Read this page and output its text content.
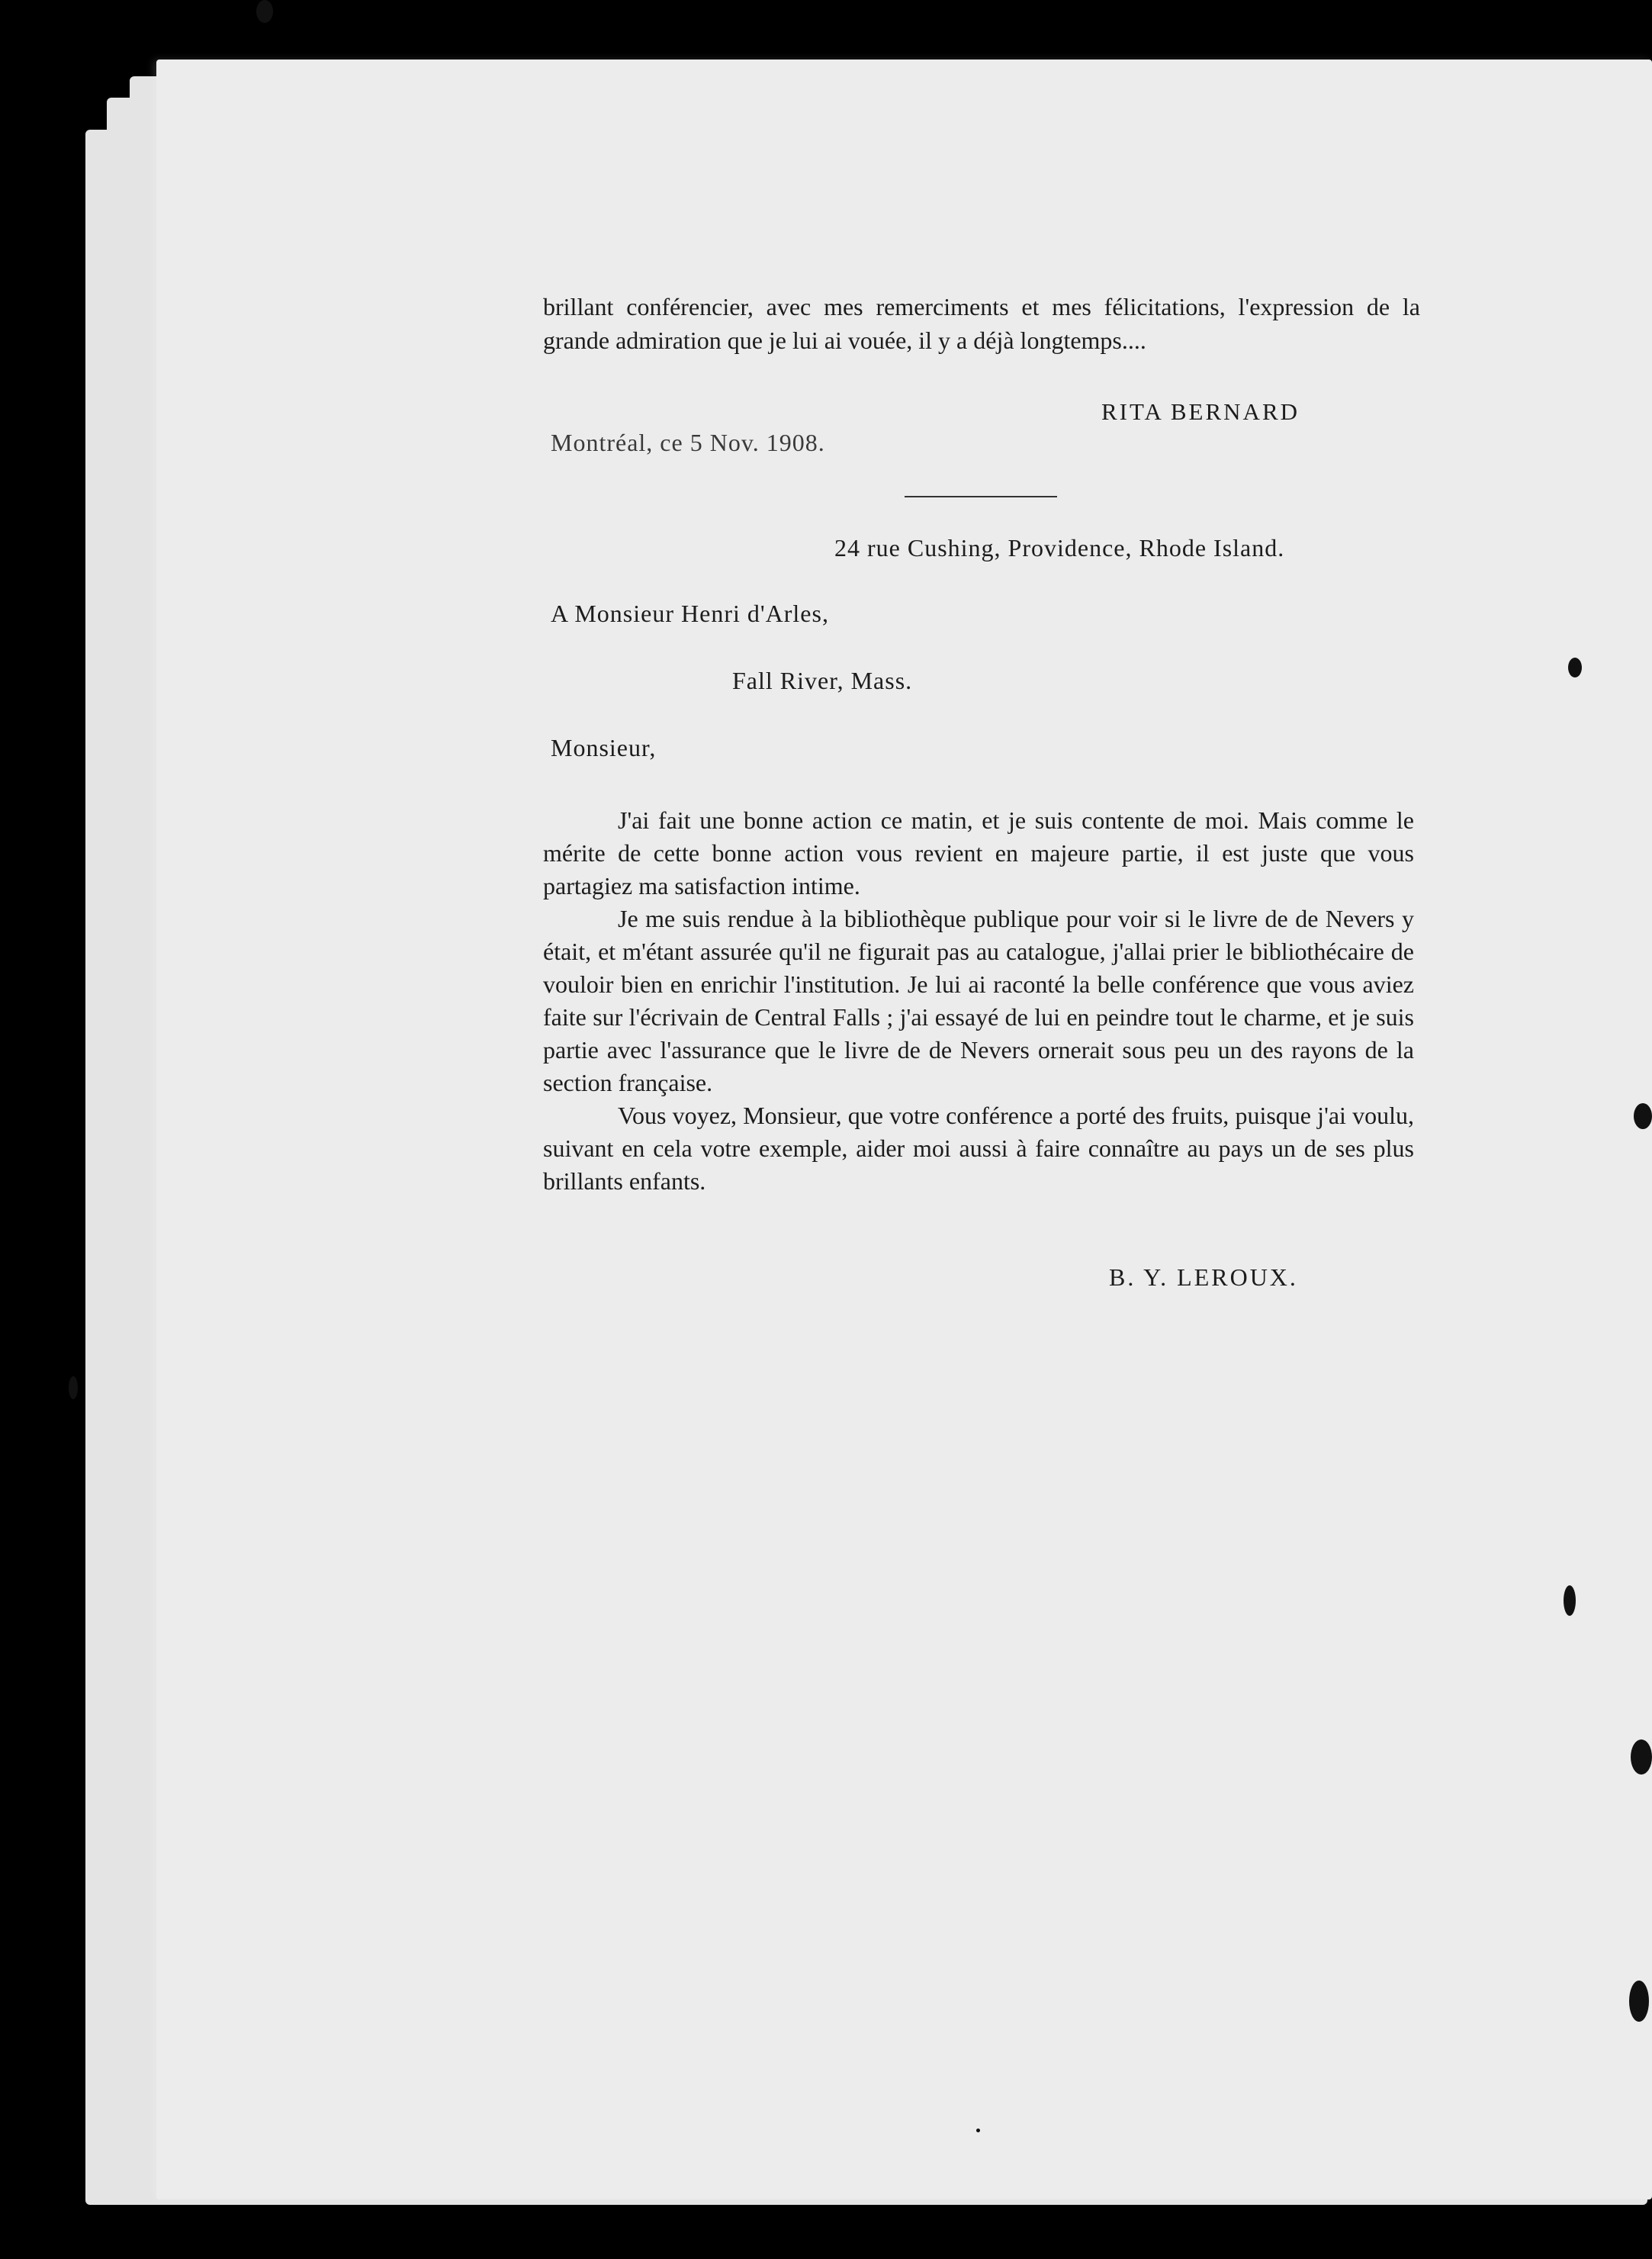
brillant conférencier, avec mes remerciments et mes félicitations, l'expression de la grande admiration que je lui ai vouée, il y a déjà longtemps....

RITA BERNARD
Montréal, ce 5 Nov. 1908.
24 rue Cushing, Providence, Rhode Island.
A Monsieur Henri d'Arles,
Fall River, Mass.
Monsieur,

J'ai fait une bonne action ce matin, et je suis contente de moi. Mais comme le mérite de cette bonne action vous revient en majeure partie, il est juste que vous partagiez ma satisfaction intime.

Je me suis rendue à la bibliothèque publique pour voir si le livre de de Nevers y était, et m'étant assurée qu'il ne figurait pas au catalogue, j'allai prier le bibliothécaire de vouloir bien en enrichir l'institution. Je lui ai raconté la belle conférence que vous aviez faite sur l'écrivain de Central Falls ; j'ai essayé de lui en peindre tout le charme, et je suis partie avec l'assurance que le livre de de Nevers ornerait sous peu un des rayons de la section française.

Vous voyez, Monsieur, que votre conférence a porté des fruits, puisque j'ai voulu, suivant en cela votre exemple, aider moi aussi à faire connaître au pays un de ses plus brillants enfants.

B. Y. LEROUX.
